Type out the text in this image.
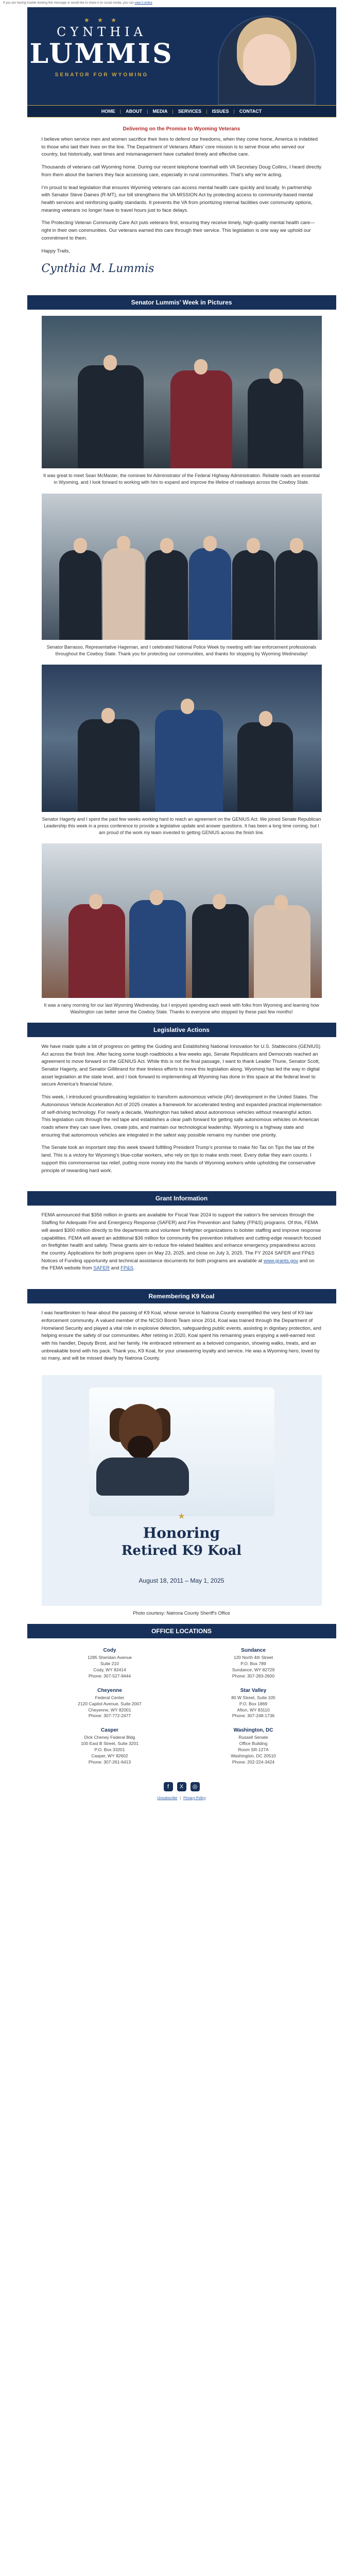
If you are having trouble viewing this message or would like to share it on social media, you can view it online
★ ★ ★
CYNTHIA
LUMMIS
SENATOR FOR WYOMING
HOME	|	ABOUT	|	MEDIA	|	SERVICES	|	ISSUES	|	CONTACT
Delivering on the Promise to Wyoming Veterans

I believe when service men and women sacrifice their lives to defend our freedoms, when they come home, America is indebted to those who laid their lives on the line. The Department of Veterans Affairs’ core mission is to serve those who served our country, but historically, wait times and mismanagement have curtailed timely and effective care.

Thousands of veterans call Wyoming home. During our recent telephone townhall with VA Secretary Doug Collins, I heard directly from them about the barriers they face accessing care, especially in rural communities. That’s why we’re acting.

I’m proud to lead legislation that ensures Wyoming veterans can access mental health care quickly and locally. In partnership with Senator Steve Daines (R-MT), our bill strengthens the VA MISSION Act by protecting access to community-based mental health services and reinforcing quality standards. It prevents the VA from prioritizing internal facilities over community options, meaning veterans no longer have to travel hours just to face delays.

The Protecting Veteran Community Care Act puts veterans first, ensuring they receive timely, high-quality mental health care—right in their own communities. Our veterans earned this care through their service. This legislation is one way we uphold our commitment to them.

Happy Trails,

Cynthia M. Lummis
Senator Lummis’ Week in Pictures
It was great to meet Sean McMaster, the nominee for Administrator of the Federal Highway Administration. Reliable roads are essential in Wyoming, and I look forward to working with him to expand and improve the lifeline of roadways across the Cowboy State.
Senator Barrasso, Representative Hageman, and I celebrated National Police Week by meeting with law enforcement professionals throughout the Cowboy State. Thank you for protecting our communities, and thanks for stopping by Wyoming Wednesday!
Senator Hagerty and I spent the past few weeks working hard to reach an agreement on the GENIUS Act. We joined Senate Republican Leadership this week in a press conference to provide a legislative update and answer questions. It has been a long time coming, but I am proud of the work my team invested to getting GENIUS across the finish line.
It was a rainy morning for our last Wyoming Wednesday, but I enjoyed spending each week with folks from Wyoming and learning how Washington can better serve the Cowboy State. Thanks to everyone who stopped by these past few months!
Legislative Actions

We have made quite a bit of progress on getting the Guiding and Establishing National Innovation for U.S. Stablecoins (GENIUS) Act across the finish line. After facing some tough roadblocks a few weeks ago, Senate Republicans and Democrats reached an agreement to move forward on the GENIUS Act. While this is not the final passage, I want to thank Leader Thune, Senator Scott, Senator Hagerty, and Senator Gillibrand for their tireless efforts to move this legislation along. Wyoming has led the way in digital asset legislation at the state level, and I look forward to implementing all Wyoming has done in this space at the federal level to secure America’s financial future.

This week, I introduced groundbreaking legislation to transform autonomous vehicle (AV) development in the United States. The Autonomous Vehicle Acceleration Act of 2025 creates a framework for accelerated testing and expanded practical implementation of self-driving technology. For nearly a decade, Washington has talked about autonomous vehicles without meaningful action. This legislation cuts through the red tape and establishes a clear path forward for getting safe autonomous vehicles on American roads where they can save lives, create jobs, and maintain our technological leadership. Wyoming is a highway state and ensuring that autonomous vehicles are integrated in the safest way possible remains my number one priority.

The Senate took an important step this week toward fulfilling President Trump’s promise to make No Tax on Tips the law of the land. This is a victory for Wyoming’s blue-collar workers, who rely on tips to make ends meet. Every dollar they earn counts. I support this commonsense tax relief, putting more money into the hands of Wyoming workers while upholding the conservative principle of rewarding hard work.

Grant Information

FEMA announced that $356 million in grants are available for Fiscal Year 2024 to support the nation’s fire services through the Staffing for Adequate Fire and Emergency Response (SAFER) and Fire Prevention and Safety (FP&S) programs. Of this, FEMA will award $300 million directly to fire departments and volunteer firefighter organizations to bolster staffing and improve response capabilities. FEMA will award an additional $36 million for community fire prevention initiatives and cutting-edge research focused on firefighter health and safety. These grants aim to reduce fire-related fatalities and enhance emergency preparedness across the country. Applications for both programs open on May 23, 2025, and close on July 3, 2025. The FY 2024 SAFER and FP&S Notices of Funding opportunity and technical assistance documents for both programs are available at www.grants.gov and on the FEMA website from SAFER and FP&S.

Remembering K9 Koal

I was heartbroken to hear about the passing of K9 Koal, whose service to Natrona County exemplified the very best of K9 law enforcement community. A valued member of the NCSO Bomb Team since 2014, Koal was trained through the Department of Homeland Security and played a vital role in explosive detection, safeguarding public events, assisting in dignitary protection, and helping ensure the safety of our communities. After retiring in 2020, Koal spent his remaining years enjoying a well-earned rest with his handler, Deputy Brost, and her family. He embraced retirement as a beloved companion, showing walks, treats, and an unbreakable bond with his pack. Thank you, K9 Koal, for your unwavering loyalty and service. He was a Wyoming hero, loved by so many, and will be missed dearly by Natrona County.

★
Honoring
Retired K9 Koal
August 18, 2011 – May 1, 2025
Photo courtesy: Natrona County Sheriff's Office
OFFICE LOCATIONS
Cody
1285 Sheridan Avenue
Suite 210
Cody, WY 82414
Phone: 307-527-9444
Sundance
120 North 4th Street
P.O. Box 789
Sundance, WY 82729
Phone: 307-283-2600
Cheyenne
Federal Center
2120 Capitol Avenue, Suite 2007
Cheyenne, WY 82001
Phone: 307-772-2477
Star Valley
80 W Street, Suite 105
P.O. Box 1869
Afton, WY 83110
Phone: 307-248-1736
Casper
Dick Cheney Federal Bldg
100 East B Street, Suite 3201
P.O. Box 33201
Casper, WY 82602
Phone: 307-261-6413
Washington, DC
Russell Senate
Office Building
Room SR-127A
Washington, DC 20510
Phone: 202-224-3424
f	X	◎
Unsubscribe | Privacy Policy
